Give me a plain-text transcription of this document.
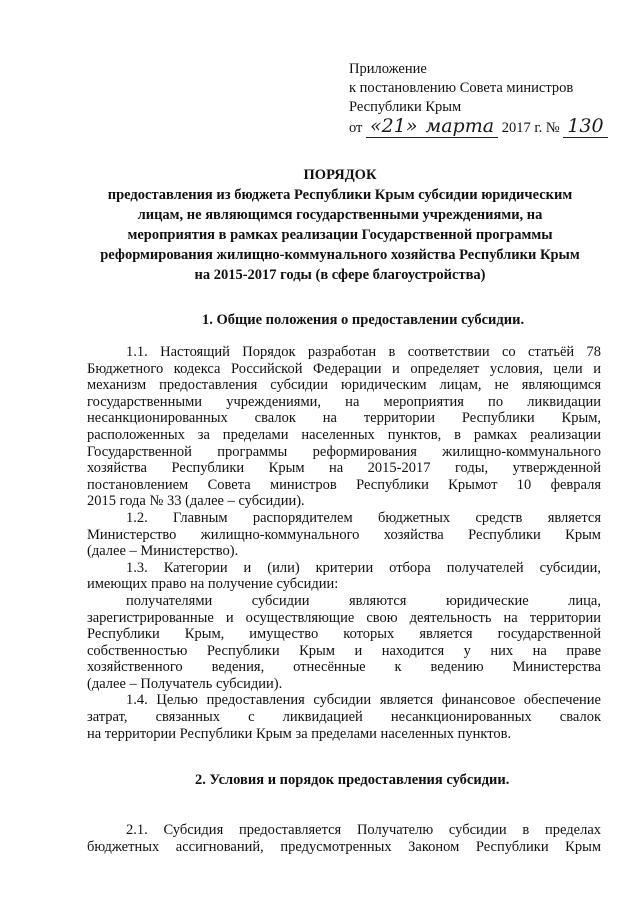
Приложение
к постановлению Совета министров
Республики Крым
от «21» марта 2017 г. № 130
ПОРЯДОК
предоставления из бюджета Республики Крым субсидии юридическим
лицам, не являющимся государственными учреждениями, на
мероприятия в рамках реализации Государственной программы
реформирования жилищно-коммунального хозяйства Республики Крым
на 2015-2017 годы (в сфере благоустройства)
1. Общие положения о предоставлении субсидии.
1.1. Настоящий Порядок разработан в соответствии со статьёй 78
Бюджетного кодекса Российской Федерации и определяет условия, цели и
механизм предоставления субсидии юридическим лицам, не являющимся
государственными учреждениями, на мероприятия по ликвидации
несанкционированных свалок на территории Республики Крым,
расположенных за пределами населенных пунктов, в рамках реализации
Государственной программы реформирования жилищно-коммунального
хозяйства Республики Крым на 2015-2017 годы, утвержденной
постановлением Совета министров Республики Крымот 10 февраля
2015 года № 33 (далее – субсидии).
1.2. Главным распорядителем бюджетных средств является
Министерство жилищно-коммунального хозяйства Республики Крым
(далее – Министерство).
1.3. Категории и (или) критерии отбора получателей субсидии,
имеющих право на получение субсидии:
получателями субсидии являются юридические лица,
зарегистрированные и осуществляющие свою деятельность на территории
Республики Крым, имущество которых является государственной
собственностью Республики Крым и находится у них на праве
хозяйственного ведения, отнесённые к ведению Министерства
(далее – Получатель субсидии).
1.4. Целью предоставления субсидии является финансовое обеспечение
затрат, связанных с ликвидацией несанкционированных свалок
на территории Республики Крым за пределами населенных пунктов.
2. Условия и порядок предоставления субсидии.
2.1. Субсидия предоставляется Получателю субсидии в пределах
бюджетных ассигнований, предусмотренных Законом Республики Крым
